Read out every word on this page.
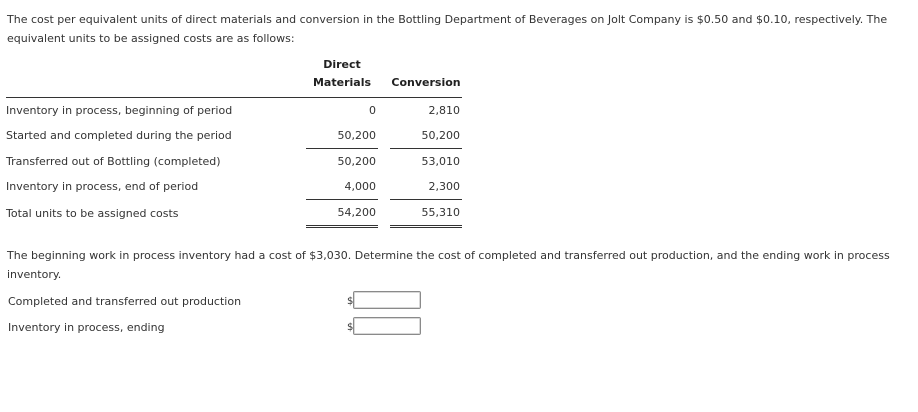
The cost per equivalent units of direct materials and conversion in the Bottling Department of Beverages on Jolt Company is $0.50 and $0.10, respectively. The equivalent units to be assigned costs are as follows:

	Direct
Materials		Conversion

Inventory in process, beginning of period	0		2,810
Started and completed during the period	50,200		50,200
Transferred out of Bottling (completed)	50,200		53,010
Inventory in process, end of period	4,000		2,300
Total units to be assigned costs	54,200		55,310

The beginning work in process inventory had a cost of $3,030. Determine the cost of completed and transferred out production, and the ending work in process inventory.

Completed and transferred out production	$
Inventory in process, ending	$
